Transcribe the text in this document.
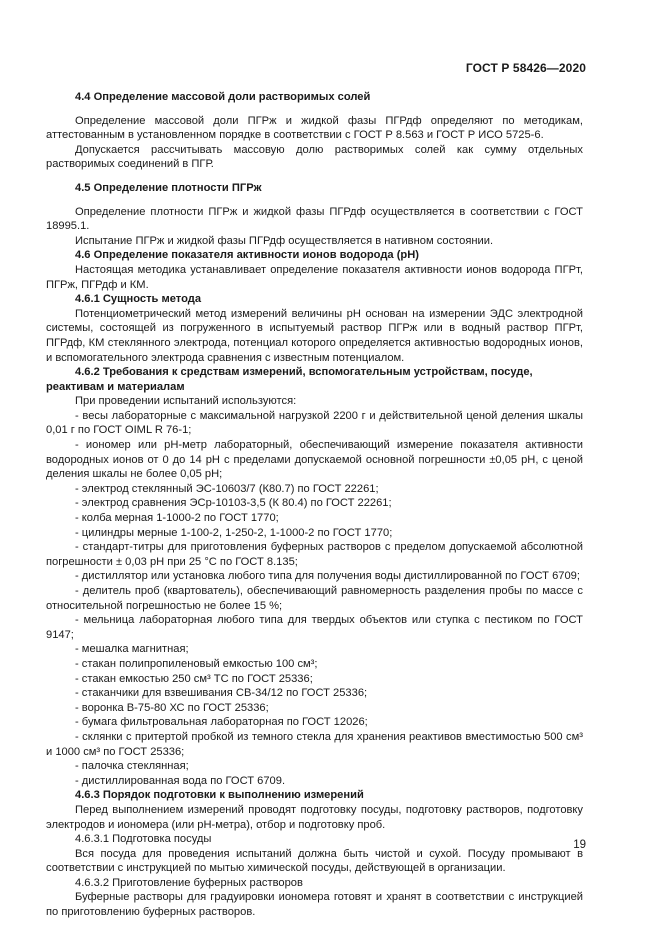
ГОСТ Р 58426—2020

4.4 Определение массовой доли растворимых солей

Определение массовой доли ПГРж и жидкой фазы ПГРдф определяют по методикам, аттестованным в установленном порядке в соответствии с ГОСТ Р 8.563 и ГОСТ Р ИСО 5725-6.

Допускается рассчитывать массовую долю растворимых солей как сумму отдельных растворимых соединений в ПГР.

4.5 Определение плотности ПГРж

Определение плотности ПГРж и жидкой фазы ПГРдф осуществляется в соответствии с ГОСТ 18995.1.

Испытание ПГРж и жидкой фазы ПГРдф осуществляется в нативном состоянии.

4.6 Определение показателя активности ионов водорода (рН)

Настоящая методика устанавливает определение показателя активности ионов водорода ПГРт, ПГРж, ПГРдф и КМ.

4.6.1 Сущность метода

Потенциометрический метод измерений величины рН основан на измерении ЭДС электродной системы, состоящей из погруженного в испытуемый раствор ПГРж или в водный раствор ПГРт, ПГРдф, КМ стеклянного электрода, потенциал которого определяется активностью водородных ионов, и вспомогательного электрода сравнения с известным потенциалом.

4.6.2 Требования к средствам измерений, вспомогательным устройствам, посуде, реактивам и материалам

При проведении испытаний используются:

- весы лабораторные с максимальной нагрузкой 2200 г и действительной ценой деления шкалы 0,01 г по ГОСТ OIML R 76-1;

- иономер или рН-метр лабораторный, обеспечивающий измерение показателя активности водородных ионов от 0 до 14 рН с пределами допускаемой основной погрешности ±0,05 рН, с ценой деления шкалы не более 0,05 рН;

- электрод стеклянный ЭС-10603/7 (К80.7) по ГОСТ 22261;

- электрод сравнения ЭСр-10103-3,5 (К 80.4) по ГОСТ 22261;

- колба мерная 1-1000-2 по ГОСТ 1770;

- цилиндры мерные 1-100-2, 1-250-2, 1-1000-2 по ГОСТ 1770;

- стандарт-титры для приготовления буферных растворов с пределом допускаемой абсолютной погрешности ± 0,03 рН при 25 °С по ГОСТ 8.135;

- дистиллятор или установка любого типа для получения воды дистиллированной по ГОСТ 6709;

- делитель проб (квартователь), обеспечивающий равномерность разделения пробы по массе с относительной погрешностью не более 15 %;

- мельница лабораторная любого типа для твердых объектов или ступка с пестиком по ГОСТ 9147;

- мешалка магнитная;

- стакан полипропиленовый емкостью 100 см³;

- стакан емкостью 250 см³ ТС по ГОСТ 25336;

- стаканчики для взвешивания СВ-34/12 по ГОСТ 25336;

- воронка В-75-80 ХС по ГОСТ 25336;

- бумага фильтровальная лабораторная по ГОСТ 12026;

- склянки с притертой пробкой из темного стекла для хранения реактивов вместимостью 500 см³ и 1000 см³ по ГОСТ 25336;

- палочка стеклянная;

- дистиллированная вода по ГОСТ 6709.

4.6.3 Порядок подготовки к выполнению измерений

Перед выполнением измерений проводят подготовку посуды, подготовку растворов, подготовку электродов и иономера (или рН-метра), отбор и подготовку проб.

4.6.3.1 Подготовка посуды

Вся посуда для проведения испытаний должна быть чистой и сухой. Посуду промывают в соответствии с инструкцией по мытью химической посуды, действующей в организации.

4.6.3.2 Приготовление буферных растворов

Буферные растворы для градуировки иономера готовят и хранят в соответствии с инструкцией по приготовлению буферных растворов.

19
